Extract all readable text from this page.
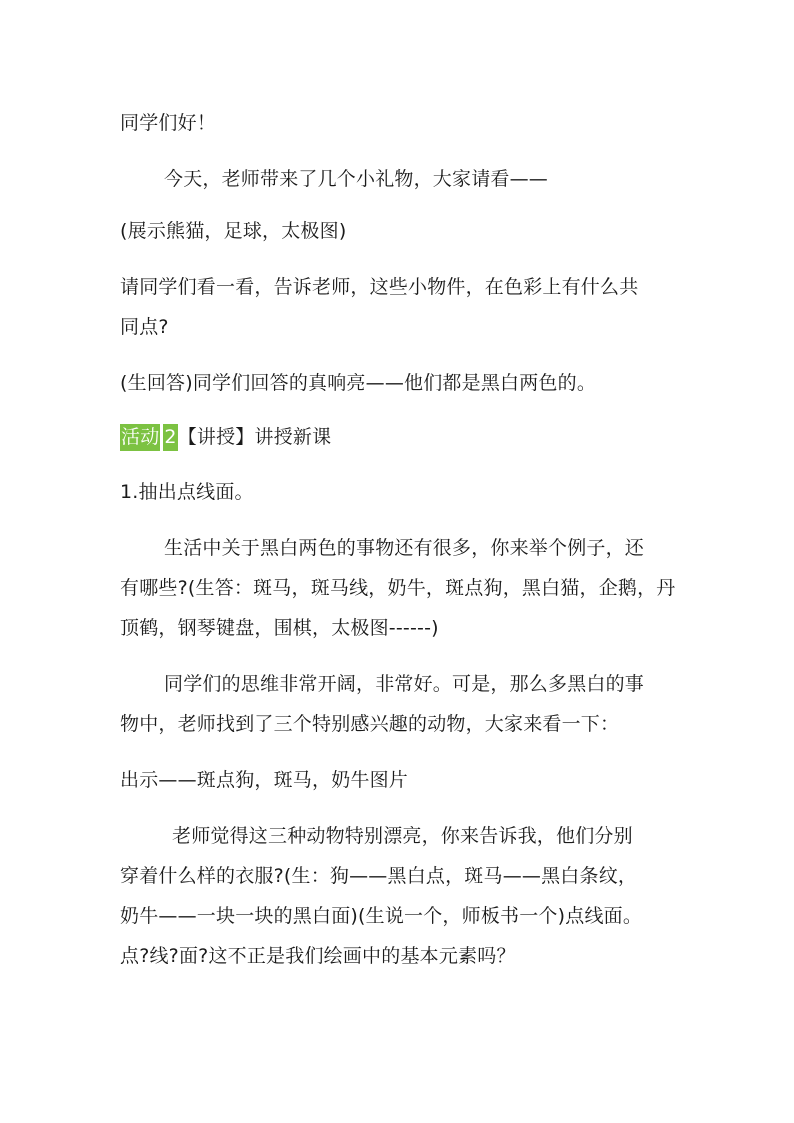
同学们好！
今天，老师带来了几个小礼物，大家请看——
(展示熊猫，足球，太极图)
请同学们看一看，告诉老师，这些小物件，在色彩上有什么共
同点?
(生回答)同学们回答的真响亮——他们都是黑白两色的。
活动 2【讲授】讲授新课
1.抽出点线面。
生活中关于黑白两色的事物还有很多，你来举个例子，还
有哪些?(生答：斑马，斑马线，奶牛，斑点狗，黑白猫，企鹅，丹
顶鹤，钢琴键盘，围棋，太极图------)
同学们的思维非常开阔，非常好。可是，那么多黑白的事
物中，老师找到了三个特别感兴趣的动物，大家来看一下：
出示——斑点狗，斑马，奶牛图片
老师觉得这三种动物特别漂亮，你来告诉我，他们分别
穿着什么样的衣服?(生：狗——黑白点，斑马——黑白条纹，
奶牛——一块一块的黑白面)(生说一个，师板书一个)点线面。
点?线?面?这不正是我们绘画中的基本元素吗？
